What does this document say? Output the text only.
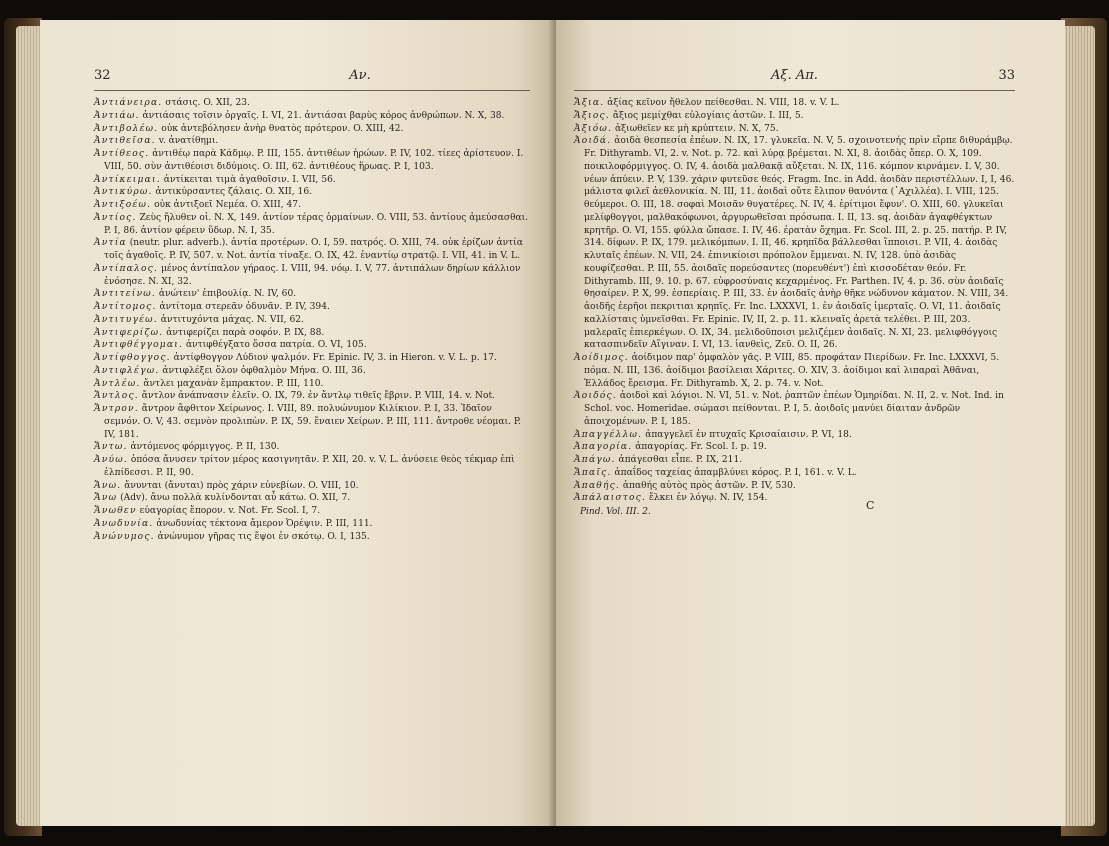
32	Αν.

Ἀντιάνειρα. στάσις. O. XII, 23.

Ἀντιάω. ἀντιάσαις τοῖσιν ὀργαῖς. I. VI, 21. ἀντιάσαι βαρὺς κόρος ἀνθρώπων. N. X, 38.

Ἀντιβολέω. οὐκ ἀντεβόλησεν ἀνὴρ θνατὸς πρότερον. O. XIII, 42.

Ἀντιθεῖσα. v. ἀνατίθημι.

Ἀντίθεος. ἀντιθέῳ παρὰ Κάδμῳ. P. III, 155. ἀντιθέων ἡρώων. P. IV, 102. τίεες ἀρίστευον. I. VIII, 50. σὺν ἀντιθέοισι διδύμοις. O. III, 62. ἀντιθέους ἥρωας. P. I, 103.

Ἀντίκειμαι. ἀντίκειται τιμὰ ἀγαθοῖσιν. I. VII, 56.

Ἀντικύρω. ἀντικύρσαντες ζάλαις. O. XII, 16.

Ἀντιξοέω. οὐκ ἀντιξοεῖ Νεμέα. O. XIII, 47.

Ἀντίος. Ζεὺς ἤλυθεν οἱ. N. X, 149. ἀντίον τέρας ὁρμαίνων. O. VIII, 53. ἀντίους ἀμεύσασθαι. P. I, 86. ἀντίον φέρειν ὕδωρ. N. I, 35.

Ἀντία (neutr. plur. adverb.). ἀντία προτέρων. O. I, 59. πατρός. O. XIII, 74. οὐκ ἐρίζων ἀντία τοῖς ἀγαθοῖς. P. IV, 507. v. Not. ἀντία τίναξε. O. IX, 42. ἐναντίῳ στρατῷ. I. VII, 41. in V. L.

Ἀντίπαλος. μένος ἀντίπαλον γήραος. I. VIII, 94. νόῳ. I. V, 77. ἀντιπάλων δηρίων κάλλιον ἐνόσησε. N. XI, 32.

Ἀντιτείνω. ἀνώτειν' ἐπιβουλίᾳ. N. IV, 60.

Ἀντίτομος. ἀντίτομα στερεᾶν ὀδυνᾶν. P. IV, 394.

Ἀντιτυγέω. ἀντιτυχόντα μάχας. N. VII, 62.

Ἀντιφερίζω. ἀντιφερίζει παρὰ σοφόν. P. IX, 88.

Ἀντιφθέγγομαι. ἀντιφθέγξατο ὅσσα πατρία. O. VI, 105.

Ἀντίφθογγος. ἀντίφθογγον Λύδιον ψαλμόν. Fr. Epinic. IV, 3. in Hieron. v. V. L. p. 17.

Ἀντιφλέγω. ἀντιφλέξει ὅλον ὀφθαλμὸν Μήνα. O. III, 36.

Ἀντλέω. ἄντλει μαχανὰν ἔμπρακτον. P. III, 110.

Ἄντλος. ἄντλον ἀνάπνασιν ἐλεῖν. O. IX, 79. ἐν ἄντλῳ τιθεῖς ἔβριν. P. VIII, 14. v. Not.

Ἄντρον. ἄντρον ἄφθιτον Χείρωνος. I. VIII, 89. πολυώνυμον Κιλίκιον. P. I, 33. Ἰδαῖον σεμνόν. O. V, 43. σεμνὸν προλιπὼν. P. IX, 59. ἔναιεν Χείρων. P. III, 111. ἄντροθε νέομαι. P. IV, 181.

Ἄντω. ἀντόμενος φόρμιγγος. P. II, 130.

Ἀνύω. ὁπόσα ἄνυσεν τρίτον μέρος κασιγνητᾶν. P. XII, 20. v. V. L. ἀνύσειε θεὸς τέκμαρ ἐπὶ ἐλπίδεσσι. P. II, 90.

Ἄνω. ἄνυνται (ἄνυται) πρὸς χάριν εὐνεβίων. O. VIII, 10.

Ἄνω (Adv). ἄνω πολλὰ κυλίνδονται αὖ κάτω. O. XII, 7.

Ἄνωθεν εὐαγορίας ἔπορον. v. Not. Fr. Scol. I, 7.

Ἀνωδυνία. ἀνωδυνίας τέκτονα ἄμερον Ὀρέψιν. P. III, 111.

Ἀνώνυμος. ἀνώνυμον γῆρας τις ἕψοι ἐν σκότῳ. O. I, 135.

Αξ. Απ.	33

Ἄξια. ἀξίας κεῖνον ἤθελον πείθεσθαι. N. VIII, 18. v. V. L.

Ἄξιος. ἄξιος μεμίχθαι εὐλογίαις ἀστῶν. I. III, 5.

Ἀξιόω. ἀξιωθεῖεν κε μὴ κρύπτειν. N. X, 75.

Ἀοιδά. ἀοιδὰ θεσπεσία ἐπέων. N. IX, 17. γλυκεῖα. N. V, 5. σχοινοτενής πρὶν εἴρπε διθυράμβῳ. Fr. Dithyramb. VI, 2. v. Not. p. 72. καὶ λύρᾳ βρέμεται. N. XI, 8. ἀοιδὰς ὄπερ. O. X, 109. ποικιλοφόρμιγγος. O. IV, 4. ἀοιδὰ μαλθακᾷ αὔξεται. N. IX, 116. κόμπον κιρνάμεν. I. V, 30. νέων ἀπύειν. P. V, 139. χάριν φυτεῦσε θεός. Fragm. Inc. in Add. ἀοιδὰν περιστέλλων. I, I, 46. μάλιστα φιλεῖ ἀεθλονικία. N. III, 11. ἀοιδαὶ οὔτε ἔλιπον θανόντα (᾽Αχιλλέα). I. VIII, 125. θεύμεροι. O. III, 18. σοφαὶ Μοισᾶν θυγατέρες. N. IV, 4. ἐρίτιμοι ἔφυν'. O. XIII, 60. γλυκεῖαι μελίφθογγοι, μαλθακόφωνοι, ἀργυρωθεῖσαι πρόσωπα. I. II, 13. sq. ἀοιδὰν ἀγαφθέγκτων κρητῆρ. O. VI, 155. φύλλα ὤπασε. I. IV, 46. ἐρατὰν ὄχημα. Fr. Scol. III, 2. p. 25. πατήρ. P. IV, 314. δίφων. P. IX, 179. μελικόμπων. I. II, 46. κρηπῖδα βάλλεσθαι ἵπποισι. P. VII, 4. ἀοιδὰς κλυταῖς ἐπέων. N. VII, 24. ἐπινικίοισι πρόπολον ἔμμεναι. N. IV, 128. ὑπὸ ἀσιδὰς κουφίζεσθαι. P. III, 55. ἀοιδαῖς πορεύσαντες (πορευθέντ') ἐπὶ κισσοδέταν θεόν. Fr. Dithyramb. III, 9. 10. p. 67. εὐφροσύναις κεχαρμένος. Fr. Parthen. IV, 4. p. 36. σὺν ἀοιδαῖς θησαίρεν. P. X, 99. ἐσπερίαις. P. III, 33. ἐν ἀοιδαῖς ἀνὴρ θῆκε νώδυνον κάματον. N. VIII, 34. ἀοιδῆς ἐερῆοι πεκριτιαι κρηπῖς. Fr. Inc. LXXXVI, 1. ἐν ἀοιδαῖς ἱμερταῖς. O. VI, 11. ἀοιδαῖς καλλίσταις ὑμνεῖσθαι. Fr. Epinic. IV, II, 2. p. 11. κλειναῖς ἀρετὰ τελέθει. P. III, 203. μαλεραῖς ἐπιερκέγων. O. IX, 34. μελιδοῦποισι μελιζέμεν ἀοιδαῖς. N. XI, 23. μελιφθόγγοις κατασπινδεῖν Αἴγιναν. I. VI, 13. ἰανθεὶς, Ζεῦ. O. II, 26.

Ἀοίδιμος. ἀοίδιμον παρ' ὀμφαλὸν γᾶς. P. VIII, 85. προφάταν Πιερίδων. Fr. Inc. LXXXVI, 5. πόμα. N. III, 136. ἀοίδιμοι βασίλειαι Χάριτες. O. XIV, 3. ἀοίδιμοι καὶ λιπαραὶ Ἀθᾶναι, Ἑλλάδος ἔρεισμα. Fr. Dithyramb. X, 2. p. 74. v. Not.

Ἀοιδός. ἀοιδοὶ καὶ λόγιοι. N. VI, 51. v. Not. ῥαπτῶν ἐπέων Ὁμηρίδαι. N. II, 2. v. Not. Ind. in Schol. voc. Homeridae. σώμασι πείθονται. P. I, 5. ἀοιδοῖς μανύει δίαιταν ἀνδρῶν ἀποιχομένων. P. I, 185.

Ἀπαγγέλλω. ἀπαγγελεῖ ἐν πτυχαῖς Κρισαίαισιν. P. VI, 18.

Ἀπαγορία. ἀπαγορίας. Fr. Scol. I. p. 19.

Ἀπάγω. ἀπάγεσθαι εἶπε. P. IX, 211.

Ἄπαῖς. ἀπαΐδος ταχείας ἀπαμβλύνει κόρος. P. I, 161. v. V. L.

Ἀπαθής. ἀπαθής αὐτὸς πρὸς ἀστῶν. P. IV, 530.

Ἀπάλαιστος. ἔλκει ἐν λόγῳ. N. IV, 154.

Pind. Vol. III. 2.	C
